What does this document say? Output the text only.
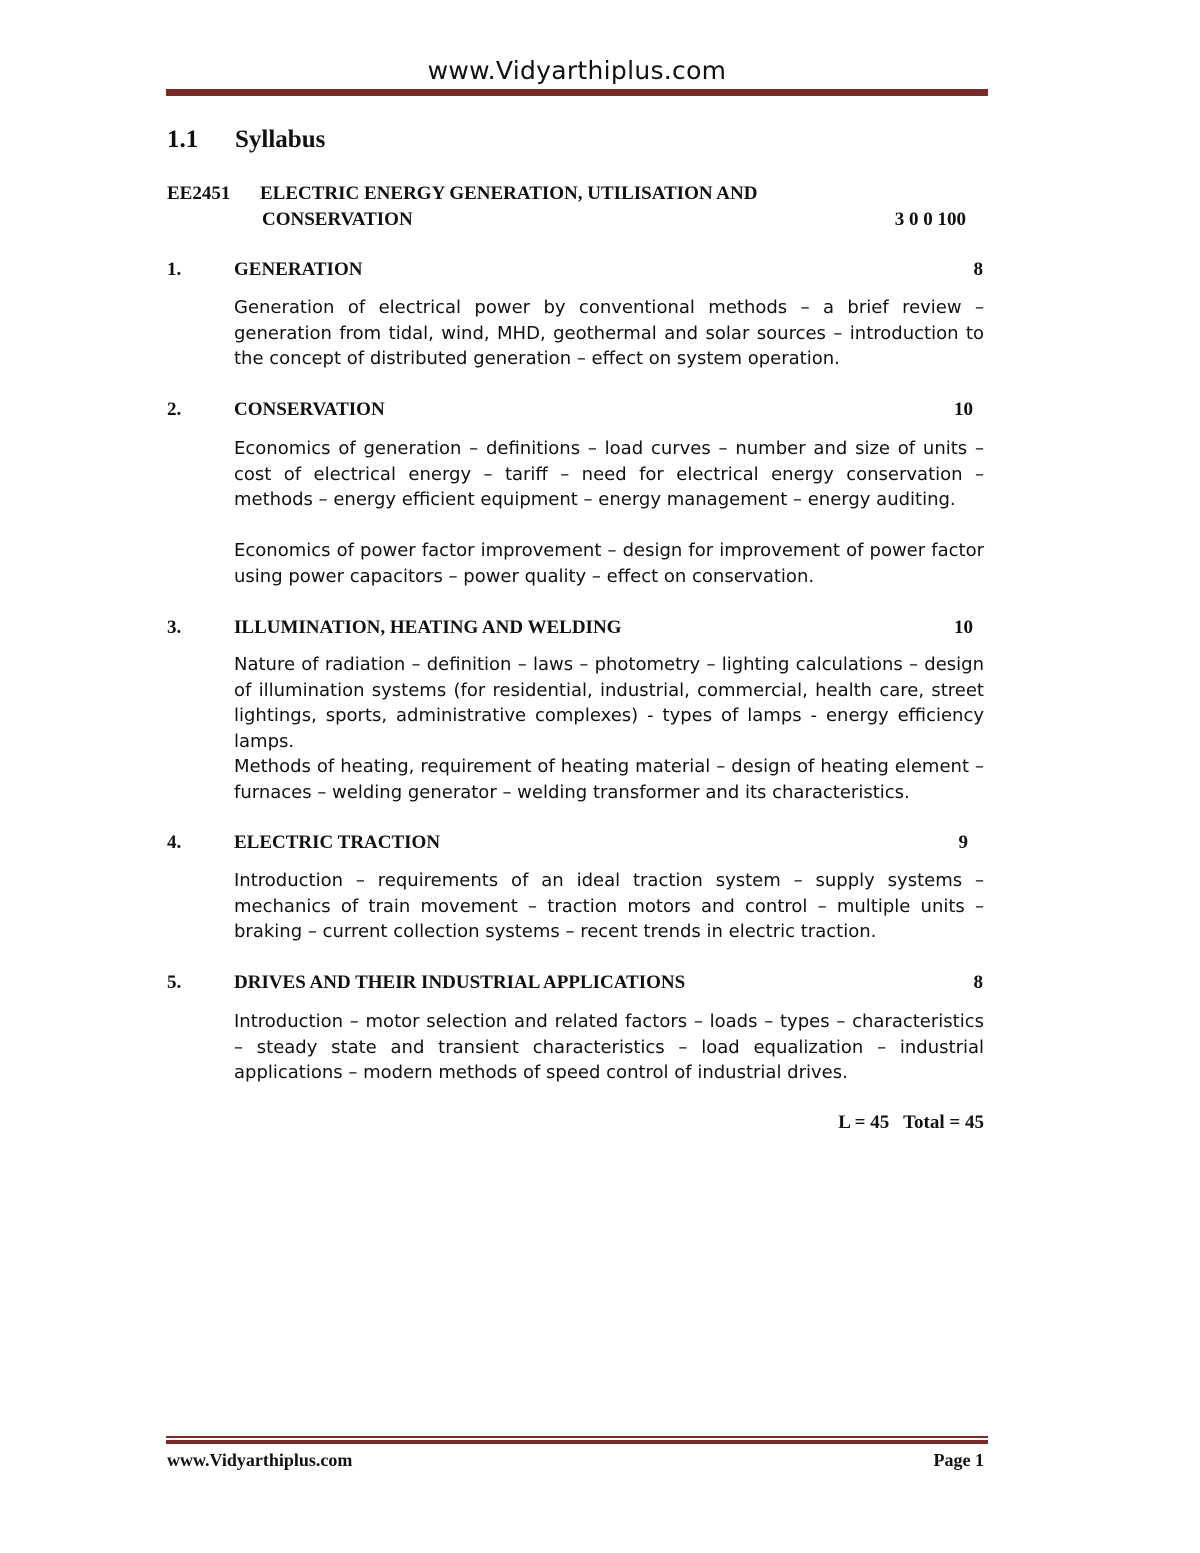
www.Vidyarthiplus.com
1.1 Syllabus
EE2451 ELECTRIC ENERGY GENERATION, UTILISATION AND
CONSERVATION	3 0 0 100
1.	GENERATION	8
Generation of electrical power by conventional methods – a brief review – generation from tidal, wind, MHD, geothermal and solar sources – introduction to the concept of distributed generation – effect on system operation.
2.	CONSERVATION	10
Economics of generation – definitions – load curves – number and size of units – cost of electrical energy – tariff – need for electrical energy conservation – methods – energy efficient equipment – energy management – energy auditing.
Economics of power factor improvement – design for improvement of power factor using power capacitors – power quality – effect on conservation.
3.	ILLUMINATION, HEATING AND WELDING	10
Nature of radiation – definition – laws – photometry – lighting calculations – design of illumination systems (for residential, industrial, commercial, health care, street lightings, sports, administrative complexes) - types of lamps - energy efficiency lamps.
Methods of heating, requirement of heating material – design of heating element – furnaces – welding generator – welding transformer and its characteristics.
4.	ELECTRIC TRACTION	9
Introduction – requirements of an ideal traction system – supply systems – mechanics of train movement – traction motors and control – multiple units – braking – current collection systems – recent trends in electric traction.
5.	DRIVES AND THEIR INDUSTRIAL APPLICATIONS	8
Introduction – motor selection and related factors – loads – types – characteristics – steady state and transient characteristics – load equalization – industrial applications – modern methods of speed control of industrial drives.
L = 45   Total = 45
www.Vidyarthiplus.com	Page 1
